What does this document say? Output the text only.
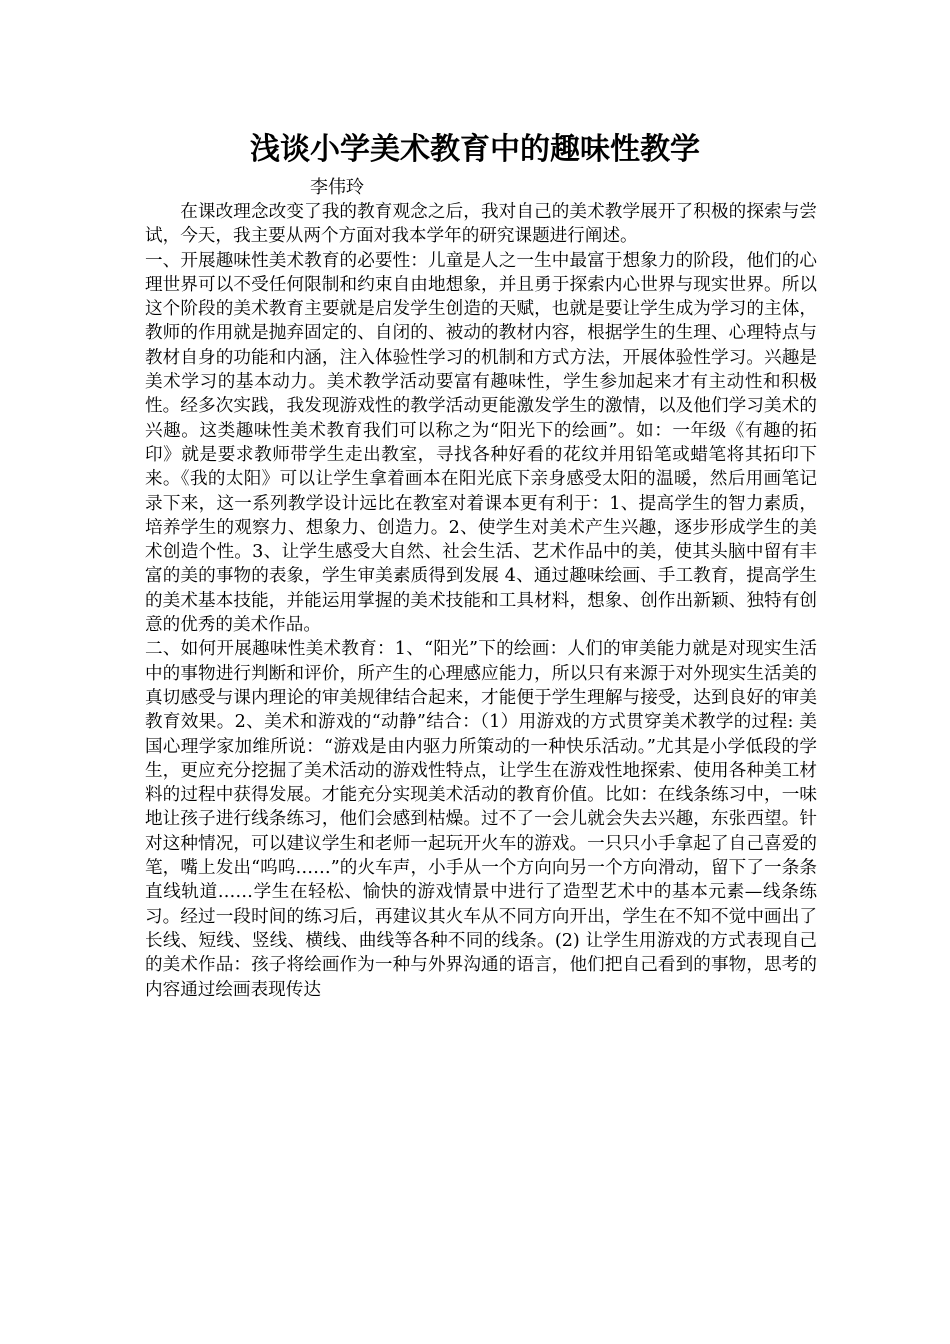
浅谈小学美术教育中的趣味性教学
李伟玲

在课改理念改变了我的教育观念之后，我对自己的美术教学展开了积极的探索与尝试，今天，我主要从两个方面对我本学年的研究课题进行阐述。

一、开展趣味性美术教育的必要性：儿童是人之一生中最富于想象力的阶段，他们的心理世界可以不受任何限制和约束自由地想象，并且勇于探索内心世界与现实世界。所以这个阶段的美术教育主要就是启发学生创造的天赋，也就是要让学生成为学习的主体，教师的作用就是抛弃固定的、自闭的、被动的教材内容，根据学生的生理、心理特点与教材自身的功能和内涵，注入体验性学习的机制和方式方法，开展体验性学习。兴趣是美术学习的基本动力。美术教学活动要富有趣味性，学生参加起来才有主动性和积极性。经多次实践，我发现游戏性的教学活动更能激发学生的激情，以及他们学习美术的兴趣。这类趣味性美术教育我们可以称之为“阳光下的绘画”。如：一年级《有趣的拓印》就是要求教师带学生走出教室，寻找各种好看的花纹并用铅笔或蜡笔将其拓印下来。《我的太阳》可以让学生拿着画本在阳光底下亲身感受太阳的温暖，然后用画笔记录下来，这一系列教学设计远比在教室对着课本更有利于：1、提高学生的智力素质，培养学生的观察力、想象力、创造力。2、使学生对美术产生兴趣，逐步形成学生的美术创造个性。3、让学生感受大自然、社会生活、艺术作品中的美，使其头脑中留有丰富的美的事物的表象，学生审美素质得到发展 4、通过趣味绘画、手工教育，提高学生的美术基本技能，并能运用掌握的美术技能和工具材料，想象、创作出新颖、独特有创意的优秀的美术作品。

二、如何开展趣味性美术教育：1、“阳光”下的绘画：人们的审美能力就是对现实生活中的事物进行判断和评价，所产生的心理感应能力，所以只有来源于对外现实生活美的真切感受与课内理论的审美规律结合起来，才能便于学生理解与接受，达到良好的审美教育效果。2、美术和游戏的“动静”结合：（1）用游戏的方式贯穿美术教学的过程: 美国心理学家加维所说：“游戏是由内驱力所策动的一种快乐活动。”尤其是小学低段的学生，更应充分挖掘了美术活动的游戏性特点，让学生在游戏性地探索、使用各种美工材料的过程中获得发展。才能充分实现美术活动的教育价值。比如：在线条练习中，一味地让孩子进行线条练习，他们会感到枯燥。过不了一会儿就会失去兴趣，东张西望。针对这种情况，可以建议学生和老师一起玩开火车的游戏。一只只小手拿起了自己喜爱的笔，嘴上发出“呜呜……”的火车声，小手从一个方向向另一个方向滑动，留下了一条条直线轨道……学生在轻松、愉快的游戏情景中进行了造型艺术中的基本元素—线条练习。经过一段时间的练习后，再建议其火车从不同方向开出，学生在不知不觉中画出了长线、短线、竖线、横线、曲线等各种不同的线条。(2) 让学生用游戏的方式表现自己的美术作品：孩子将绘画作为一种与外界沟通的语言，他们把自己看到的事物，思考的内容通过绘画表现传达
